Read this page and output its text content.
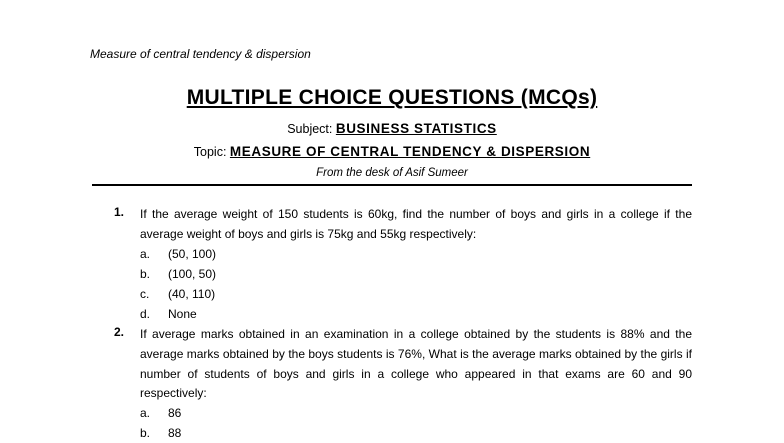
Measure of central tendency & dispersion
MULTIPLE CHOICE QUESTIONS (MCQs)
Subject: BUSINESS STATISTICS
Topic: MEASURE OF CENTRAL TENDENCY & DISPERSION
From the desk of Asif Sumeer
1. If the average weight of 150 students is 60kg, find the number of boys and girls in a college if the average weight of boys and girls is 75kg and 55kg respectively:
a. (50, 100)
b. (100, 50)
c. (40, 110)
d. None
2. If average marks obtained in an examination in a college obtained by the students is 88% and the average marks obtained by the boys students is 76%, What is the average marks obtained by the girls if number of students of boys and girls in a college who appeared in that exams are 60 and 90 respectively:
a. 86
b. 88
